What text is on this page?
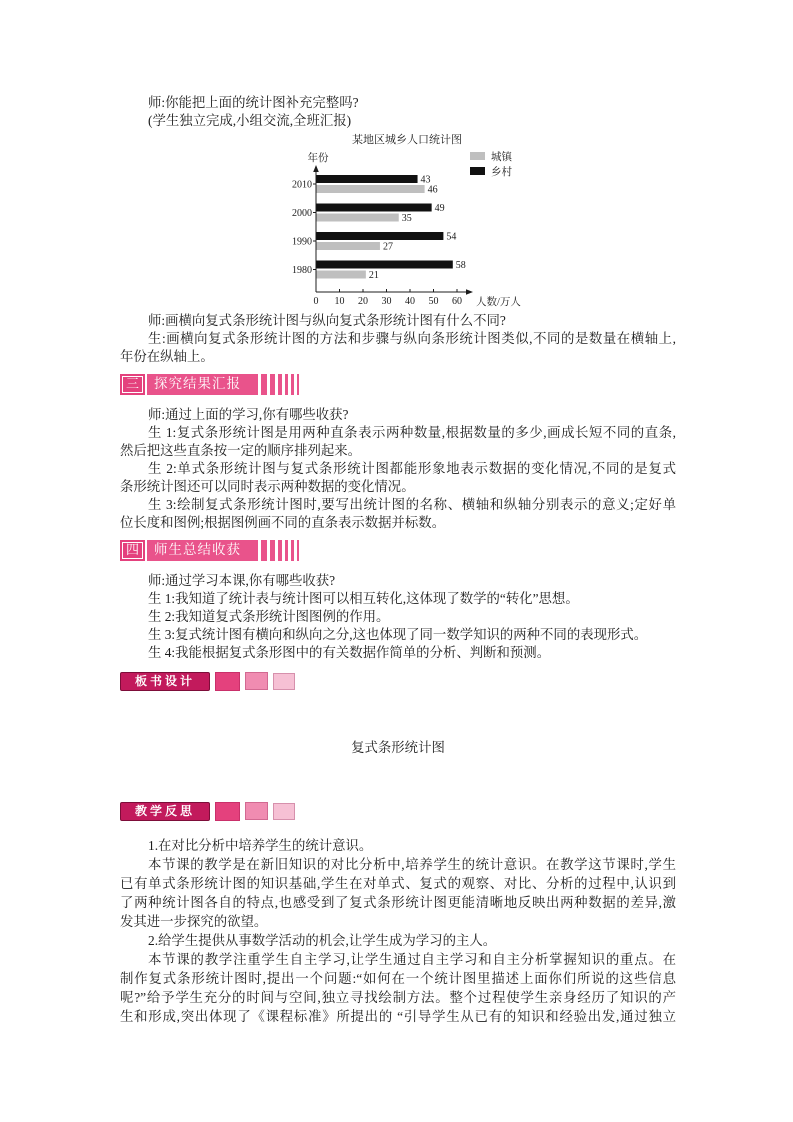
师:你能把上面的统计图补充完整吗?
(学生独立完成,小组交流,全班汇报)
某地区城乡人口统计图
年份
人数/万人
2010	46
43
2000	35
49
1990	27
54
1980	21
58
0 10 20 30 40 50 60
城镇
乡村
师:画横向复式条形统计图与纵向复式条形统计图有什么不同?
生:画横向复式条形统计图的方法和步骤与纵向条形统计图类似,不同的是数量在横轴上,
年份在纵轴上。
三	探究结果汇报
师:通过上面的学习,你有哪些收获?
生 1:复式条形统计图是用两种直条表示两种数量,根据数量的多少,画成长短不同的直条,
然后把这些直条按一定的顺序排列起来。
生 2:单式条形统计图与复式条形统计图都能形象地表示数据的变化情况,不同的是复式
条形统计图还可以同时表示两种数据的变化情况。
生 3:绘制复式条形统计图时,要写出统计图的名称、横轴和纵轴分别表示的意义;定好单
位长度和图例;根据图例画不同的直条表示数据并标数。
四	师生总结收获
师:通过学习本课,你有哪些收获?
生 1:我知道了统计表与统计图可以相互转化,这体现了数学的“转化”思想。
生 2:我知道复式条形统计图图例的作用。
生 3:复式统计图有横向和纵向之分,这也体现了同一数学知识的两种不同的表现形式。
生 4:我能根据复式条形图中的有关数据作简单的分析、判断和预测。
板书设计
复式条形统计图
教学反思
1.在对比分析中培养学生的统计意识。
本节课的教学是在新旧知识的对比分析中,培养学生的统计意识。在教学这节课时,学生
已有单式条形统计图的知识基础,学生在对单式、复式的观察、对比、分析的过程中,认识到
了两种统计图各自的特点,也感受到了复式条形统计图更能清晰地反映出两种数据的差异,激
发其进一步探究的欲望。
2.给学生提供从事数学活动的机会,让学生成为学习的主人。
本节课的教学注重学生自主学习,让学生通过自主学习和自主分析掌握知识的重点。在
制作复式条形统计图时,提出一个问题:“如何在一个统计图里描述上面你们所说的这些信息
呢?”给予学生充分的时间与空间,独立寻找绘制方法。整个过程使学生亲身经历了知识的产
生和形成,突出体现了《课程标准》所提出的 “引导学生从已有的知识和经验出发,通过独立
